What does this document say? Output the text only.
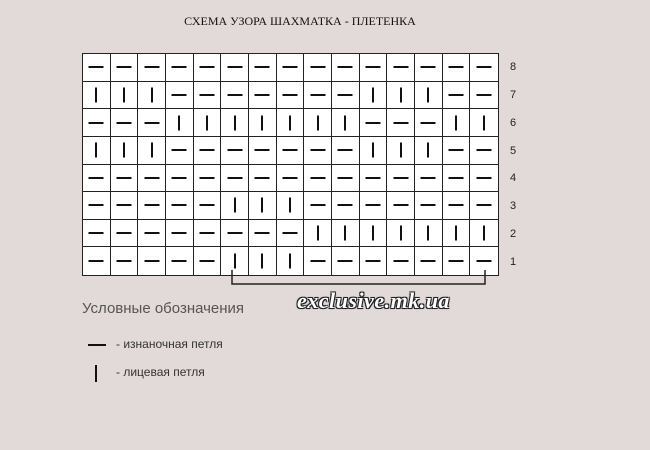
СХЕМА УЗОРА ШАХМАТКА - ПЛЕТЕНКА
8
7
6
5
4
3
2
1
exclusive.mk.ua
Условные обозначения
- изнаночная петля
- лицевая петля
